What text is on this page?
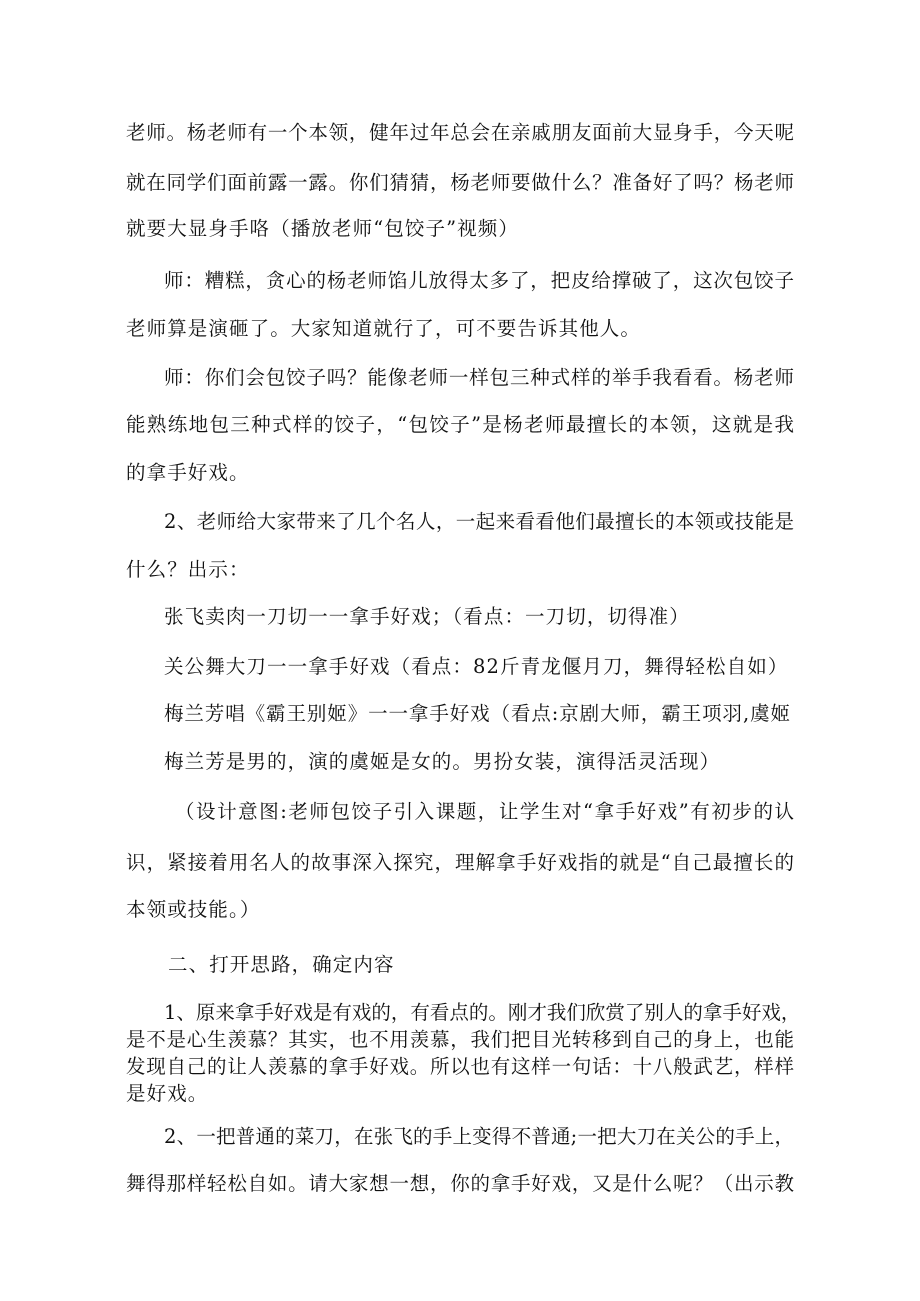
老师。杨老师有一个本领，健年过年总会在亲戚朋友面前大显身手，今天呢
就在同学们面前露一露。你们猜猜，杨老师要做什么？准备好了吗？杨老师
就要大显身手咯（播放老师“包饺子”视频）
师：糟糕，贪心的杨老师馅儿放得太多了，把皮给撑破了，这次包饺子
老师算是演砸了。大家知道就行了，可不要告诉其他人。
师：你们会包饺子吗？能像老师一样包三种式样的举手我看看。杨老师
能熟练地包三种式样的饺子，“包饺子”是杨老师最擅长的本领，这就是我
的拿手好戏。
2、老师给大家带来了几个名人，一起来看看他们最擅长的本领或技能是
什么？出示：
张飞卖肉一刀切一一拿手好戏；（看点：一刀切，切得准）
关公舞大刀一一拿手好戏（看点：82斤青龙偃月刀，舞得轻松自如）
梅兰芳唱《霸王别姬》一一拿手好戏（看点:京剧大师，霸王项羽,虞姬
梅兰芳是男的，演的虞姬是女的。男扮女装，演得活灵活现）
（设计意图:老师包饺子引入课题，让学生对“拿手好戏”有初步的认
识，紧接着用名人的故事深入探究，理解拿手好戏指的就是“自己最擅长的
本领或技能。）
二、打开思路，确定内容
1、原来拿手好戏是有戏的，有看点的。刚才我们欣赏了别人的拿手好戏，
是不是心生羡慕？其实，也不用羡慕，我们把目光转移到自己的身上，也能
发现自己的让人羡慕的拿手好戏。所以也有这样一句话：十八般武艺，样样
是好戏。
2、一把普通的菜刀，在张飞的手上变得不普通;一把大刀在关公的手上，
舞得那样轻松自如。请大家想一想，你的拿手好戏，又是什么呢？（出示教
